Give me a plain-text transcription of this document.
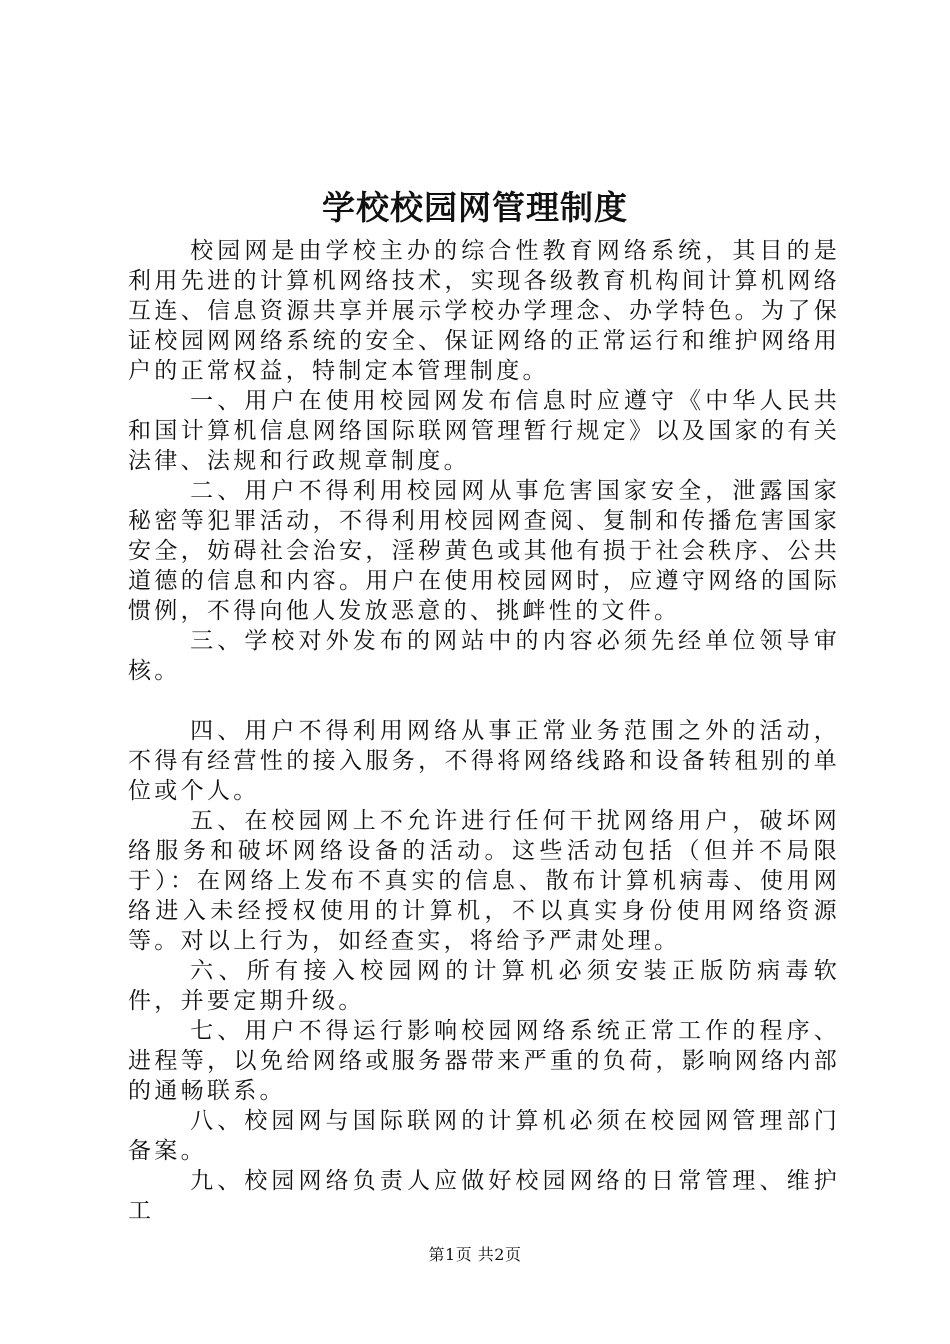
学校校园网管理制度

校园网是由学校主办的综合性教育网络系统，其目的是利用先进的计算机网络技术，实现各级教育机构间计算机网络互连、信息资源共享并展示学校办学理念、办学特色。为了保证校园网网络系统的安全、保证网络的正常运行和维护网络用户的正常权益，特制定本管理制度。

一、用户在使用校园网发布信息时应遵守《中华人民共和国计算机信息网络国际联网管理暂行规定》以及国家的有关法律、法规和行政规章制度。

二、用户不得利用校园网从事危害国家安全，泄露国家秘密等犯罪活动，不得利用校园网查阅、复制和传播危害国家安全，妨碍社会治安，淫秽黄色或其他有损于社会秩序、公共道德的信息和内容。用户在使用校园网时，应遵守网络的国际惯例，不得向他人发放恶意的、挑衅性的文件。

三、学校对外发布的网站中的内容必须先经单位领导审核。

四、用户不得利用网络从事正常业务范围之外的活动，不得有经营性的接入服务，不得将网络线路和设备转租别的单位或个人。

五、在校园网上不允许进行任何干扰网络用户，破坏网络服务和破坏网络设备的活动。这些活动包括（但并不局限于）：在网络上发布不真实的信息、散布计算机病毒、使用网络进入未经授权使用的计算机，不以真实身份使用网络资源等。对以上行为，如经查实，将给予严肃处理。

六、所有接入校园网的计算机必须安装正版防病毒软件，并要定期升级。

七、用户不得运行影响校园网络系统正常工作的程序、进程等，以免给网络或服务器带来严重的负荷，影响网络内部的通畅联系。

八、校园网与国际联网的计算机必须在校园网管理部门备案。

九、校园网络负责人应做好校园网络的日常管理、维护工

第1页 共2页
